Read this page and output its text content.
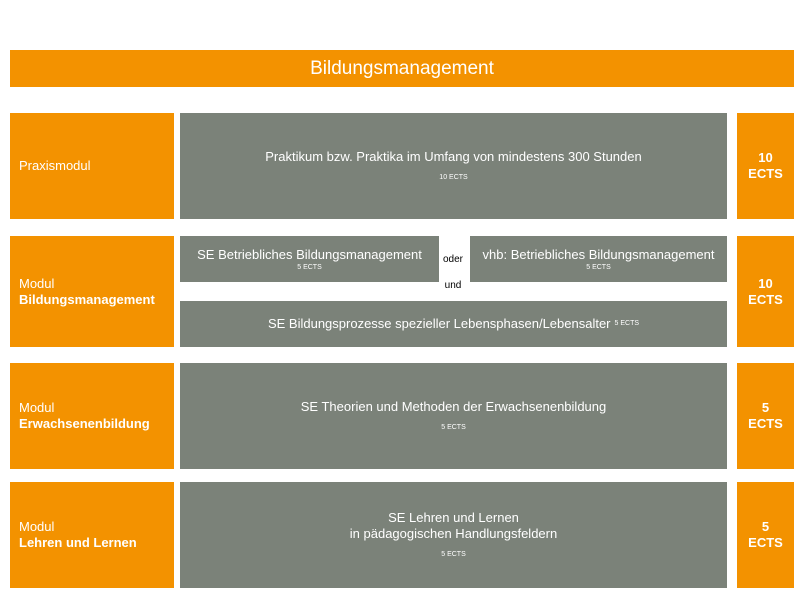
Bildungsmanagement
Praxismodul
Praktikum bzw. Praktika im Umfang von mindestens 300 Stunden
10 ECTS
10
ECTS
Modul
Bildungsmanagement
SE Betriebliches Bildungsmanagement
5 ECTS
oder	vhb: Betriebliches Bildungsmanagement
5 ECTS
und
SE Bildungsprozesse spezieller Lebensphasen/Lebensalter 5 ECTS
10
ECTS
Modul
Erwachsenenbildung
SE Theorien und Methoden der Erwachsenenbildung
5 ECTS
5
ECTS
Modul
Lehren und Lernen
SE Lehren und Lernen
in pädagogischen Handlungsfeldern
5 ECTS
5
ECTS
